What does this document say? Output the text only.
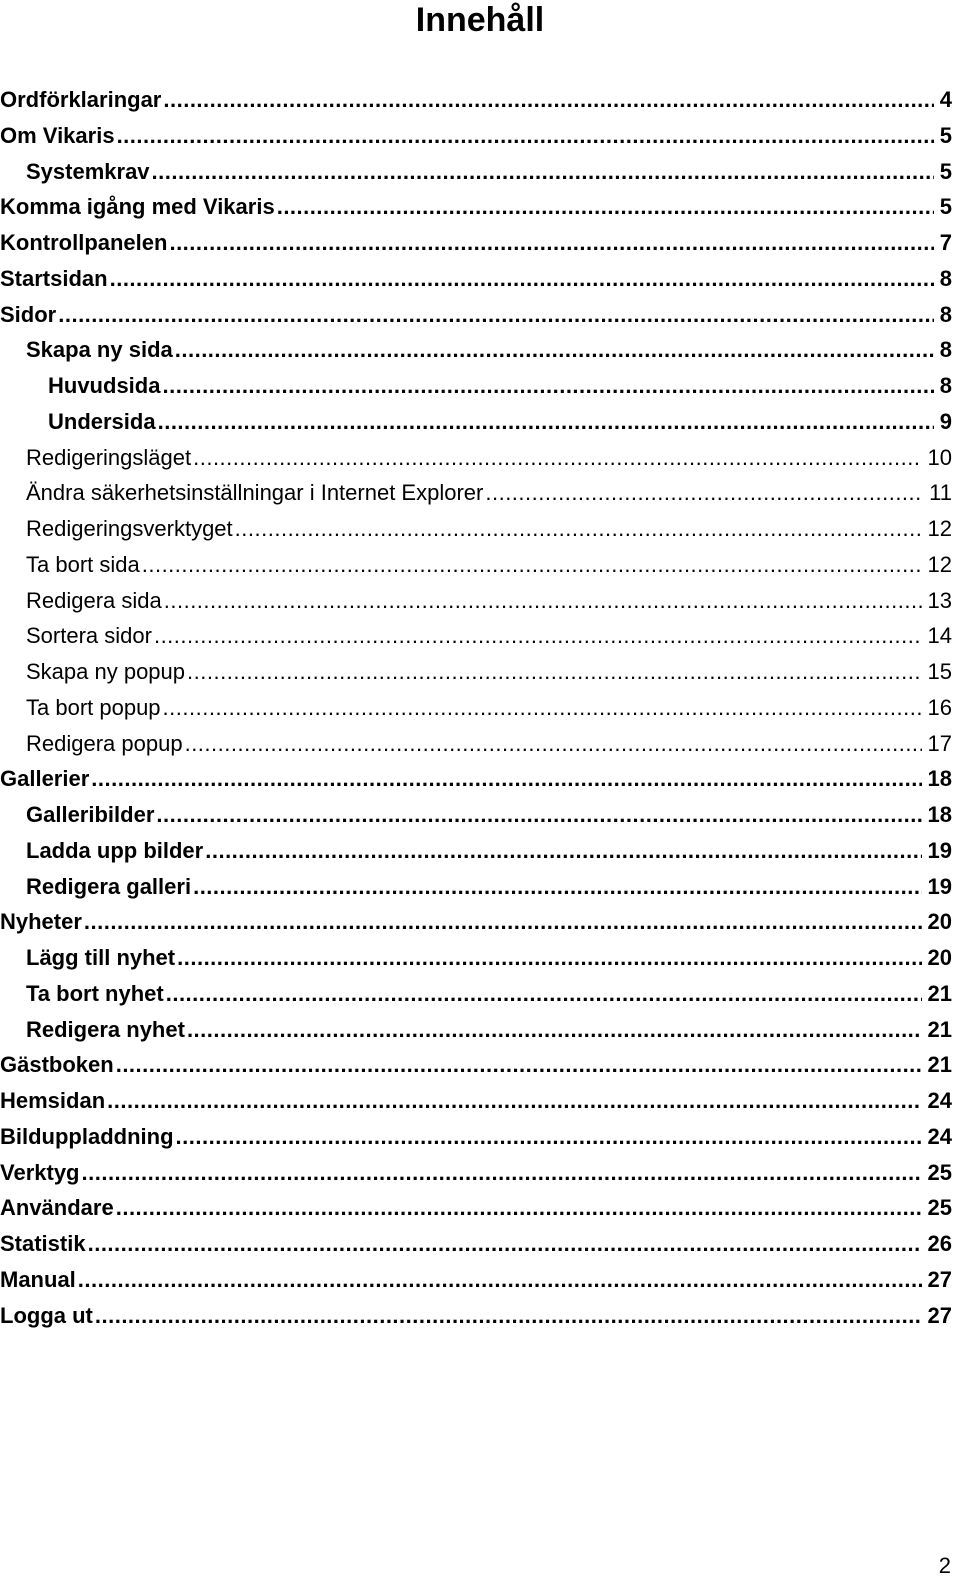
Innehåll
Ordförklaringar .....	4
Om Vikaris .....	5
Systemkrav .....	5
Komma igång med Vikaris .....	5
Kontrollpanelen .....	7
Startsidan .....	8
Sidor .....	8
Skapa ny sida .....	8
Huvudsida .....	8
Undersida .....	9
Redigeringsläget .....	10
Ändra säkerhetsinställningar i Internet Explorer .....	11
Redigeringsverktyget .....	12
Ta bort sida .....	12
Redigera sida .....	13
Sortera sidor .....	14
Skapa ny popup .....	15
Ta bort popup .....	16
Redigera popup .....	17
Gallerier .....	18
Galleribilder .....	18
Ladda upp bilder .....	19
Redigera galleri .....	19
Nyheter .....	20
Lägg till nyhet .....	20
Ta bort nyhet .....	21
Redigera nyhet .....	21
Gästboken .....	21
Hemsidan .....	24
Bilduppladdning .....	24
Verktyg .....	25
Användare .....	25
Statistik .....	26
Manual .....	27
Logga ut .....	27
2
